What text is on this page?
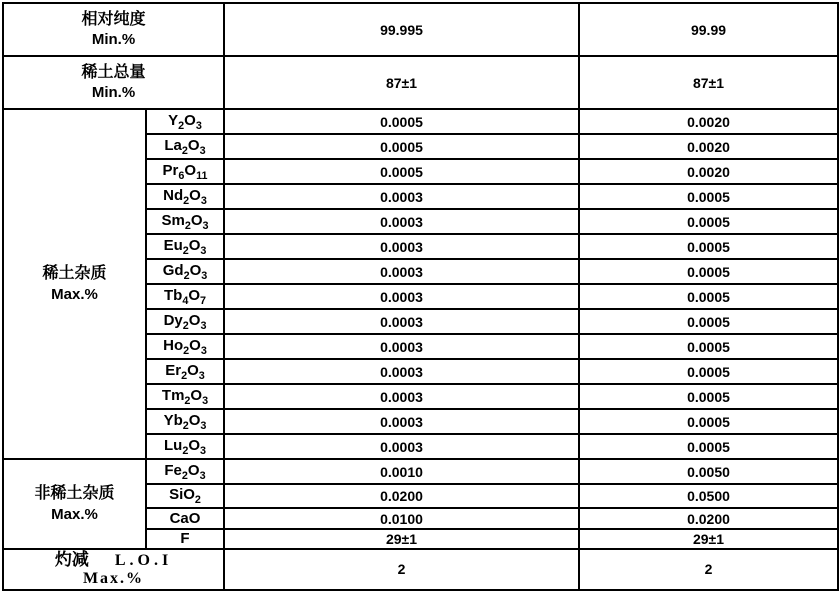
相对纯度
Min.%		99.995	99.99

稀土总量
Min.%		87±1	87±1

稀土杂质
Max.%	$Y_2O_3$	0.0005	0.0020
	$La_2O_3$	0.0005	0.0020
	$Pr_6O_{11}$	0.0005	0.0020
	$Nd_2O_3$	0.0003	0.0005
	$Sm_2O_3$	0.0003	0.0005
	$Eu_2O_3$	0.0003	0.0005
	$Gd_2O_3$	0.0003	0.0005
	$Tb_4O_7$	0.0003	0.0005
	$Dy_2O_3$	0.0003	0.0005
	$Ho_2O_3$	0.0003	0.0005
	$Er_2O_3$	0.0003	0.0005
	$Tm_2O_3$	0.0003	0.0005
	$Yb_2O_3$	0.0003	0.0005
	$Lu_2O_3$	0.0003	0.0005

非稀土杂质
Max.%	$Fe_2O_3$	0.0010	0.0050
	SiO$_2$	0.0200	0.0500
	CaO	0.0100	0.0200
	F	29±1	29±1

灼减 L.O.I
Max.%		2	2
